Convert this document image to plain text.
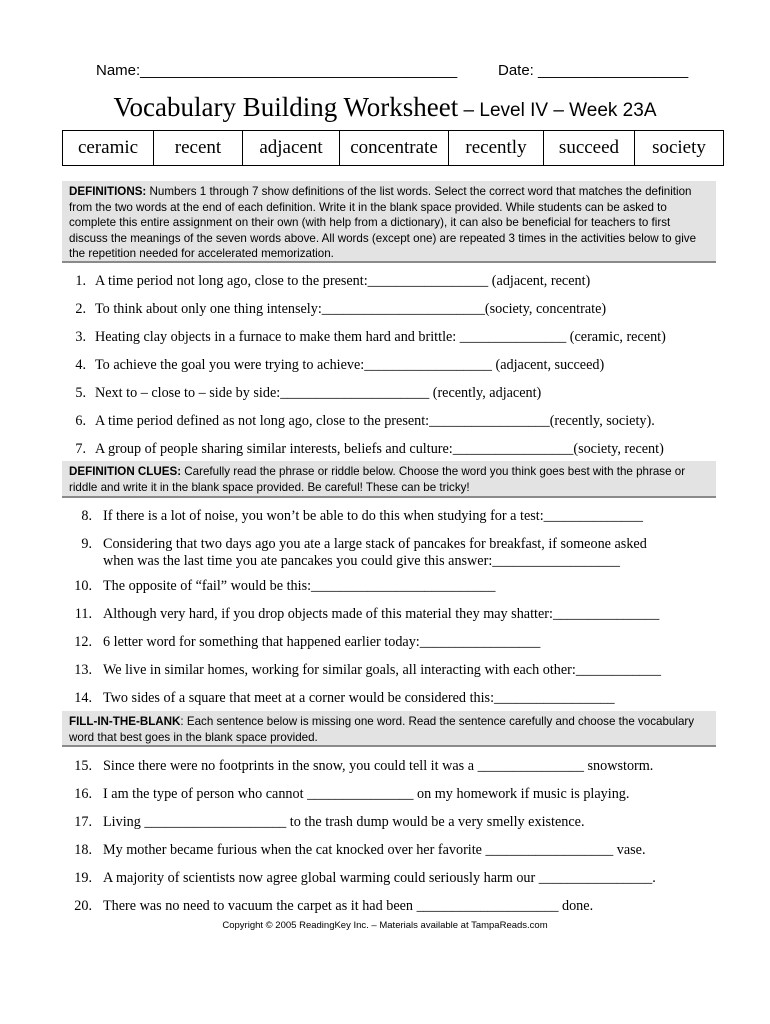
Name:______________________________________	Date: __________________
Vocabulary Building Worksheet – Level IV – Week 23A
ceramic	recent	adjacent	concentrate	recently	succeed	society
DEFINITIONS: Numbers 1 through 7 show definitions of the list words. Select the correct word that matches the definition from the two words at the end of each definition. Write it in the blank space provided. While students can be asked to complete this entire assignment on their own (with help from a dictionary), it can also be beneficial for teachers to first discuss the meanings of the seven words above. All words (except one) are repeated 3 times in the activities below to give the repetition needed for accelerated memorization.
1. A time period not long ago, close to the present:_________________ (adjacent, recent)
2. To think about only one thing intensely:_______________________(society, concentrate)
3. Heating clay objects in a furnace to make them hard and brittle: _______________ (ceramic, recent)
4. To achieve the goal you were trying to achieve:__________________ (adjacent, succeed)
5. Next to – close to – side by side:_____________________ (recently, adjacent)
6. A time period defined as not long ago, close to the present:_________________(recently, society).
7. A group of people sharing similar interests, beliefs and culture:_________________(society, recent)
DEFINITION CLUES: Carefully read the phrase or riddle below. Choose the word you think goes best with the phrase or riddle and write it in the blank space provided. Be careful! These can be tricky!
8. If there is a lot of noise, you won’t be able to do this when studying for a test:______________
9. Considering that two days ago you ate a large stack of pancakes for breakfast, if someone asked
when was the last time you ate pancakes you could give this answer:__________________
10. The opposite of “fail” would be this:__________________________
11. Although very hard, if you drop objects made of this material they may shatter:_______________
12. 6 letter word for something that happened earlier today:_________________
13. We live in similar homes, working for similar goals, all interacting with each other:____________
14. Two sides of a square that meet at a corner would be considered this:_________________
FILL-IN-THE-BLANK: Each sentence below is missing one word. Read the sentence carefully and choose the vocabulary word that best goes in the blank space provided.
15. Since there were no footprints in the snow, you could tell it was a _______________ snowstorm.
16. I am the type of person who cannot _______________ on my homework if music is playing.
17. Living ____________________ to the trash dump would be a very smelly existence.
18. My mother became furious when the cat knocked over her favorite __________________ vase.
19. A majority of scientists now agree global warming could seriously harm our ________________.
20. There was no need to vacuum the carpet as it had been ____________________ done.
Copyright © 2005 ReadingKey Inc. – Materials available at TampaReads.com
